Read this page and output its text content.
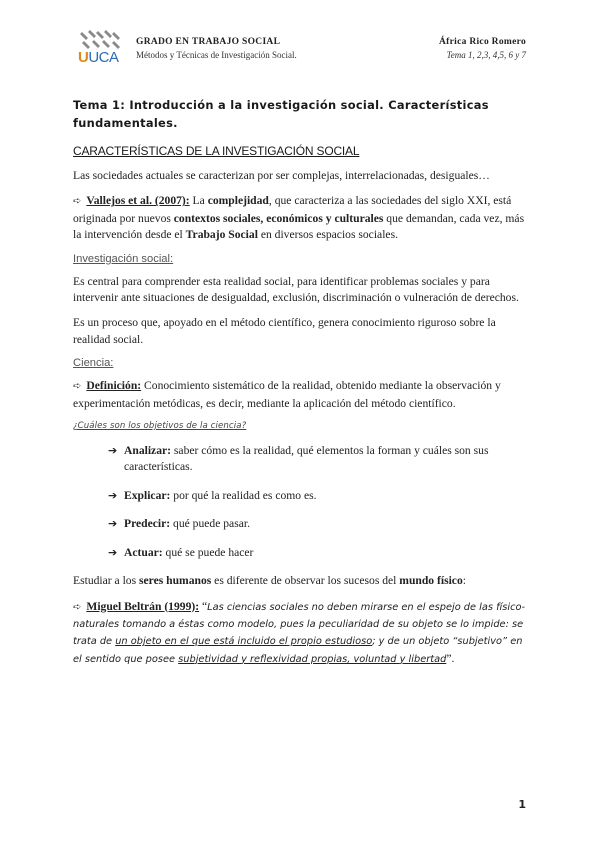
UUCA
GRADO EN TRABAJO SOCIAL
Métodos y Técnicas de Investigación Social.
África Rico Romero
Tema 1, 2,3, 4,5, 6 y 7
Tema 1: Introducción a la investigación social. Características fundamentales.
CARACTERÍSTICAS DE LA INVESTIGACIÓN SOCIAL

Las sociedades actuales se caracterizan por ser complejas, interrelacionadas, desiguales…

➪ Vallejos et al. (2007): La complejidad, que caracteriza a las sociedades del siglo XXI, está originada por nuevos contextos sociales, económicos y culturales que demandan, cada vez, más la intervención desde el Trabajo Social en diversos espacios sociales.

Investigación social:

Es central para comprender esta realidad social, para identificar problemas sociales y para intervenir ante situaciones de desigualdad, exclusión, discriminación o vulneración de derechos.

Es un proceso que, apoyado en el método científico, genera conocimiento riguroso sobre la realidad social.

Ciencia:

➪ Definición: Conocimiento sistemático de la realidad, obtenido mediante la observación y experimentación metódicas, es decir, mediante la aplicación del método científico.

¿Cuáles son los objetivos de la ciencia?
➔ Analizar: saber cómo es la realidad, qué elementos la forman y cuáles son sus características.
➔ Explicar: por qué la realidad es como es.
➔ Predecir: qué puede pasar.
➔ Actuar: qué se puede hacer

Estudiar a los seres humanos es diferente de observar los sucesos del mundo físico:

➪ Miguel Beltrán (1999): “Las ciencias sociales no deben mirarse en el espejo de las físico-naturales tomando a éstas como modelo, pues la peculiaridad de su objeto se lo impide: se trata de un objeto en el que está incluido el propio estudioso; y de un objeto “subjetivo” en el sentido que posee subjetividad y reflexividad propias, voluntad y libertad”.

1
